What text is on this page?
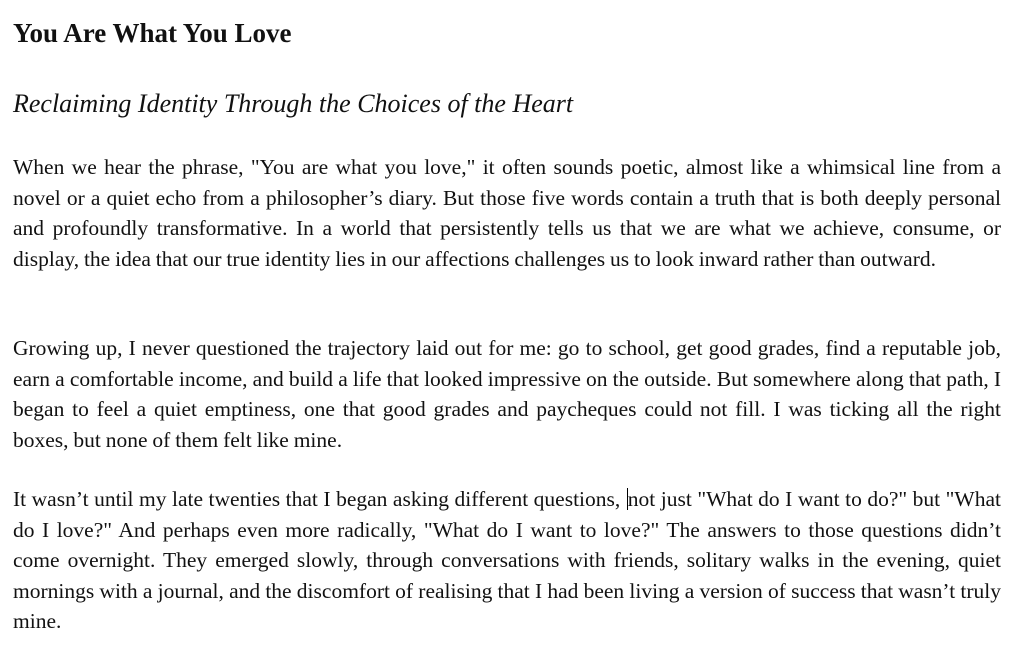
You Are What You Love
Reclaiming Identity Through the Choices of the Heart

When we hear the phrase, "You are what you love," it often sounds poetic, almost like a whimsical line from a novel or a quiet echo from a philosopher’s diary. But those five words contain a truth that is both deeply personal and profoundly transformative. In a world that persistently tells us that we are what we achieve, consume, or display, the idea that our true identity lies in our affections challenges us to look inward rather than outward.

Growing up, I never questioned the trajectory laid out for me: go to school, get good grades, find a reputable job, earn a comfortable income, and build a life that looked impressive on the outside. But somewhere along that path, I began to feel a quiet emptiness, one that good grades and paycheques could not fill. I was ticking all the right boxes, but none of them felt like mine.

It wasn’t until my late twenties that I began asking different questions, not just "What do I want to do?" but "What do I love?" And perhaps even more radically, "What do I want to love?" The answers to those questions didn’t come overnight. They emerged slowly, through conversations with friends, solitary walks in the evening, quiet mornings with a journal, and the discomfort of realising that I had been living a version of success that wasn’t truly mine.
